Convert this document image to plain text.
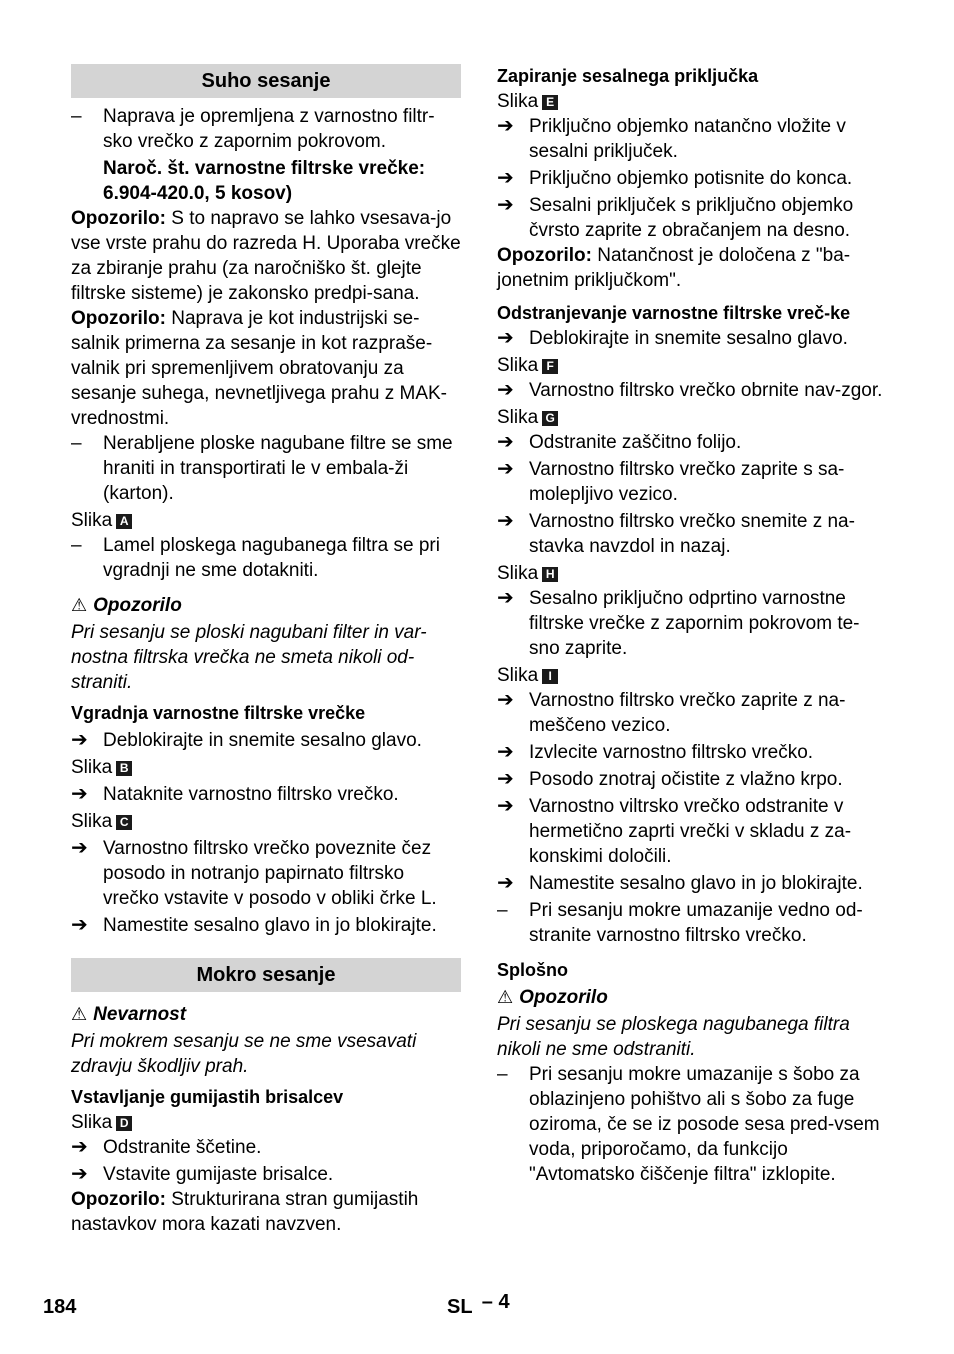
Suho sesanje
–	Naprava je opremljena z varnostno filtr-sko vrečko z zapornim pokrovom.

Naroč. št. varnostne filtrske vrečke: 6.904-420.0, 5 kosov)

Opozorilo: S to napravo se lahko vsesava-jo vse vrste prahu do razreda H. Uporaba vrečke za zbiranje prahu (za naročniško št. glejte filtrske sisteme) je zakonsko predpi-sana.

Opozorilo: Naprava je kot industrijski se-salnik primerna za sesanje in kot razpraše-valnik pri spremenljivem obratovanju za sesanje suhega, nevnetljivega prahu z MAK-vrednostmi.

–	Nerabljene ploske nagubane filtre se sme hraniti in transportirati le v embala-ži (karton).

Slika A

–	Lamel ploskega nagubanega filtra se pri vgradnji ne sme dotakniti.

⚠ Opozorilo

Pri sesanju se ploski nagubani filter in var-nostna filtrska vrečka ne smeta nikoli od-straniti.

Vgradnja varnostne filtrske vrečke

➔ Deblokirajte in snemite sesalno glavo.

Slika B

➔ Nataknite varnostno filtrsko vrečko.

Slika C

➔ Varnostno filtrsko vrečko poveznite čez posodo in notranjo papirnato filtrsko vrečko vstavite v posodo v obliki črke L.
➔ Namestite sesalno glavo in jo blokirajte.
Mokro sesanje

⚠ Nevarnost

Pri mokrem sesanju se ne sme vsesavati zdravju škodljiv prah.

Vstavljanje gumijastih brisalcev

Slika D

➔ Odstranite ščetine.
➔ Vstavite gumijaste brisalce.

Opozorilo: Strukturirana stran gumijastih nastavkov mora kazati navzven.

Zapiranje sesalnega priključka

Slika E

➔ Priključno objemko natančno vložite v sesalni priključek.
➔ Priključno objemko potisnite do konca.
➔ Sesalni priključek s priključno objemko čvrsto zaprite z obračanjem na desno.

Opozorilo: Natančnost je določena z "ba-jonetnim priključkom".

Odstranjevanje varnostne filtrske vreč-ke

➔ Deblokirajte in snemite sesalno glavo.

Slika F

➔ Varnostno filtrsko vrečko obrnite nav-zgor.

Slika G

➔ Odstranite zaščitno folijo.
➔ Varnostno filtrsko vrečko zaprite s sa-molepljivo vezico.
➔ Varnostno filtrsko vrečko snemite z na-stavka navzdol in nazaj.

Slika H

➔ Sesalno priključno odprtino varnostne filtrske vrečke z zapornim pokrovom te-sno zaprite.

Slika I

➔ Varnostno filtrsko vrečko zaprite z na-meščeno vezico.
➔ Izvlecite varnostno filtrsko vrečko.
➔ Posodo znotraj očistite z vlažno krpo.
➔ Varnostno viltrsko vrečko odstranite v hermetično zaprti vrečki v skladu z za-konskimi določili.
➔ Namestite sesalno glavo in jo blokirajte.
–	Pri sesanju mokre umazanije vedno od-stranite varnostno filtrsko vrečko.

Splošno

⚠ Opozorilo

Pri sesanju se ploskega nagubanega filtra nikoli ne sme odstraniti.

–	Pri sesanju mokre umazanije s šobo za oblazinjeno pohištvo ali s šobo za fuge oziroma, če se iz posode sesa pred-vsem voda, priporočamo, da funkcijo "Avtomatsko čiščenje filtra" izklopite.
184	SL – 4
